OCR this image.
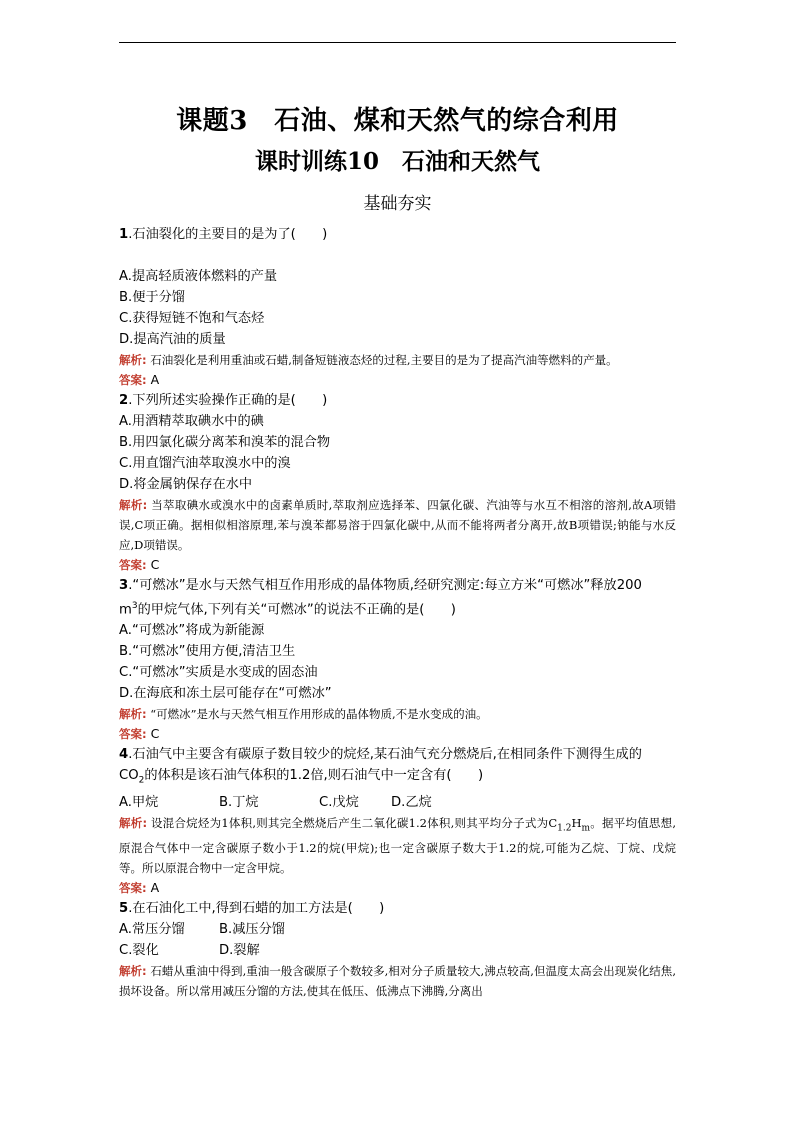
课题3　石油、煤和天然气的综合利用
课时训练10　石油和天然气
基础夯实

1.石油裂化的主要目的是为了(　　)

A.提高轻质液体燃料的产量

B.便于分馏

C.获得短链不饱和气态烃

D.提高汽油的质量

解析: 石油裂化是利用重油或石蜡,制备短链液态烃的过程,主要目的是为了提高汽油等燃料的产量。

答案: A

2.下列所述实验操作正确的是(　　)

A.用酒精萃取碘水中的碘

B.用四氯化碳分离苯和溴苯的混合物

C.用直馏汽油萃取溴水中的溴

D.将金属钠保存在水中

解析: 当萃取碘水或溴水中的卤素单质时,萃取剂应选择苯、四氯化碳、汽油等与水互不相溶的溶剂,故A项错误,C项正确。据相似相溶原理,苯与溴苯都易溶于四氯化碳中,从而不能将两者分离开,故B项错误;钠能与水反应,D项错误。

答案: C

3.“可燃冰”是水与天然气相互作用形成的晶体物质,经研究测定:每立方米“可燃冰”释放200
$m^3$的甲烷气体,下列有关“可燃冰”的说法不正确的是(　　)

A.“可燃冰”将成为新能源

B.“可燃冰”使用方便,清洁卫生

C.“可燃冰”实质是水变成的固态油

D.在海底和冻土层可能存在“可燃冰”

解析: “可燃冰”是水与天然气相互作用形成的晶体物质,不是水变成的油。

答案: C

4.石油气中主要含有碳原子数目较少的烷烃,某石油气充分燃烧后,在相同条件下测得生成的
$CO_2$的体积是该石油气体积的1.2倍,则石油气中一定含有(　　)

A.甲烷	B.丁烷	C.戊烷 D.乙烷

解析: 设混合烷烃为1体积,则其完全燃烧后产生二氧化碳1.2体积,则其平均分子式为$C_{1.2}H_m$。据平均值思想,原混合气体中一定含碳原子数小于1.2的烷(甲烷);也一定含碳原子数大于1.2的烷,可能为乙烷、丁烷、戊烷等。所以原混合物中一定含甲烷。

答案: A

5.在石油化工中,得到石蜡的加工方法是(　　)

A.常压分馏	B.减压分馏

C.裂化	D.裂解

解析: 石蜡从重油中得到,重油一般含碳原子个数较多,相对分子质量较大,沸点较高,但温度太高会出现炭化结焦,损坏设备。所以常用减压分馏的方法,使其在低压、低沸点下沸腾,分离出
